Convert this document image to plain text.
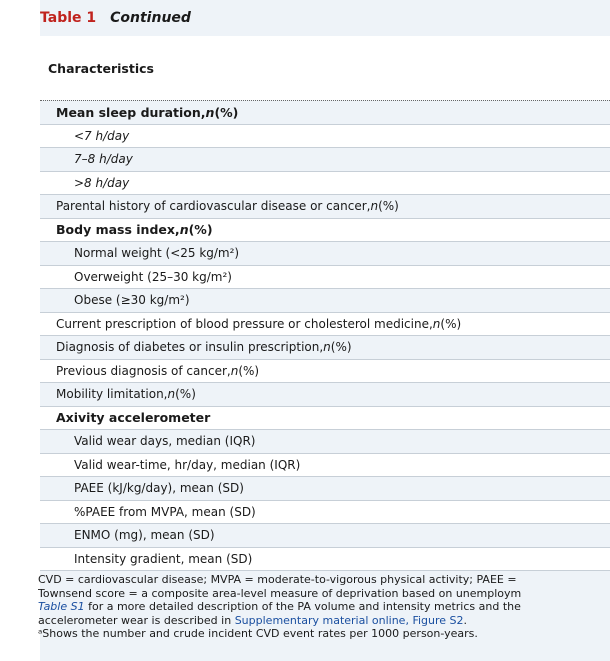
Table 1 Continued
Characteristics
Mean sleep duration, n (%)
<7 h/day
7–8 h/day
>8 h/day
Parental history of cardiovascular disease or cancer, n (%)
Body mass index, n (%)
Normal weight (<25 kg/m²)
Overweight (25–30 kg/m²)
Obese (≥30 kg/m²)
Current prescription of blood pressure or cholesterol medicine, n (%)
Diagnosis of diabetes or insulin prescription, n (%)
Previous diagnosis of cancer, n (%)
Mobility limitation, n (%)
Axivity accelerometer
Valid wear days, median (IQR)
Valid wear-time, hr/day, median (IQR)
PAEE (kJ/kg/day), mean (SD)
%PAEE from MVPA, mean (SD)
ENMO (mg), mean (SD)
Intensity gradient, mean (SD)
CVD = cardiovascular disease; MVPA = moderate-to-vigorous physical activity; PAEE =
Townsend score = a composite area-level measure of deprivation based on unemploym
Table S1 for a more detailed description of the PA volume and intensity metrics and the
accelerometer wear is described in Supplementary material online, Figure S2.
ᵃShows the number and crude incident CVD event rates per 1000 person-years.
